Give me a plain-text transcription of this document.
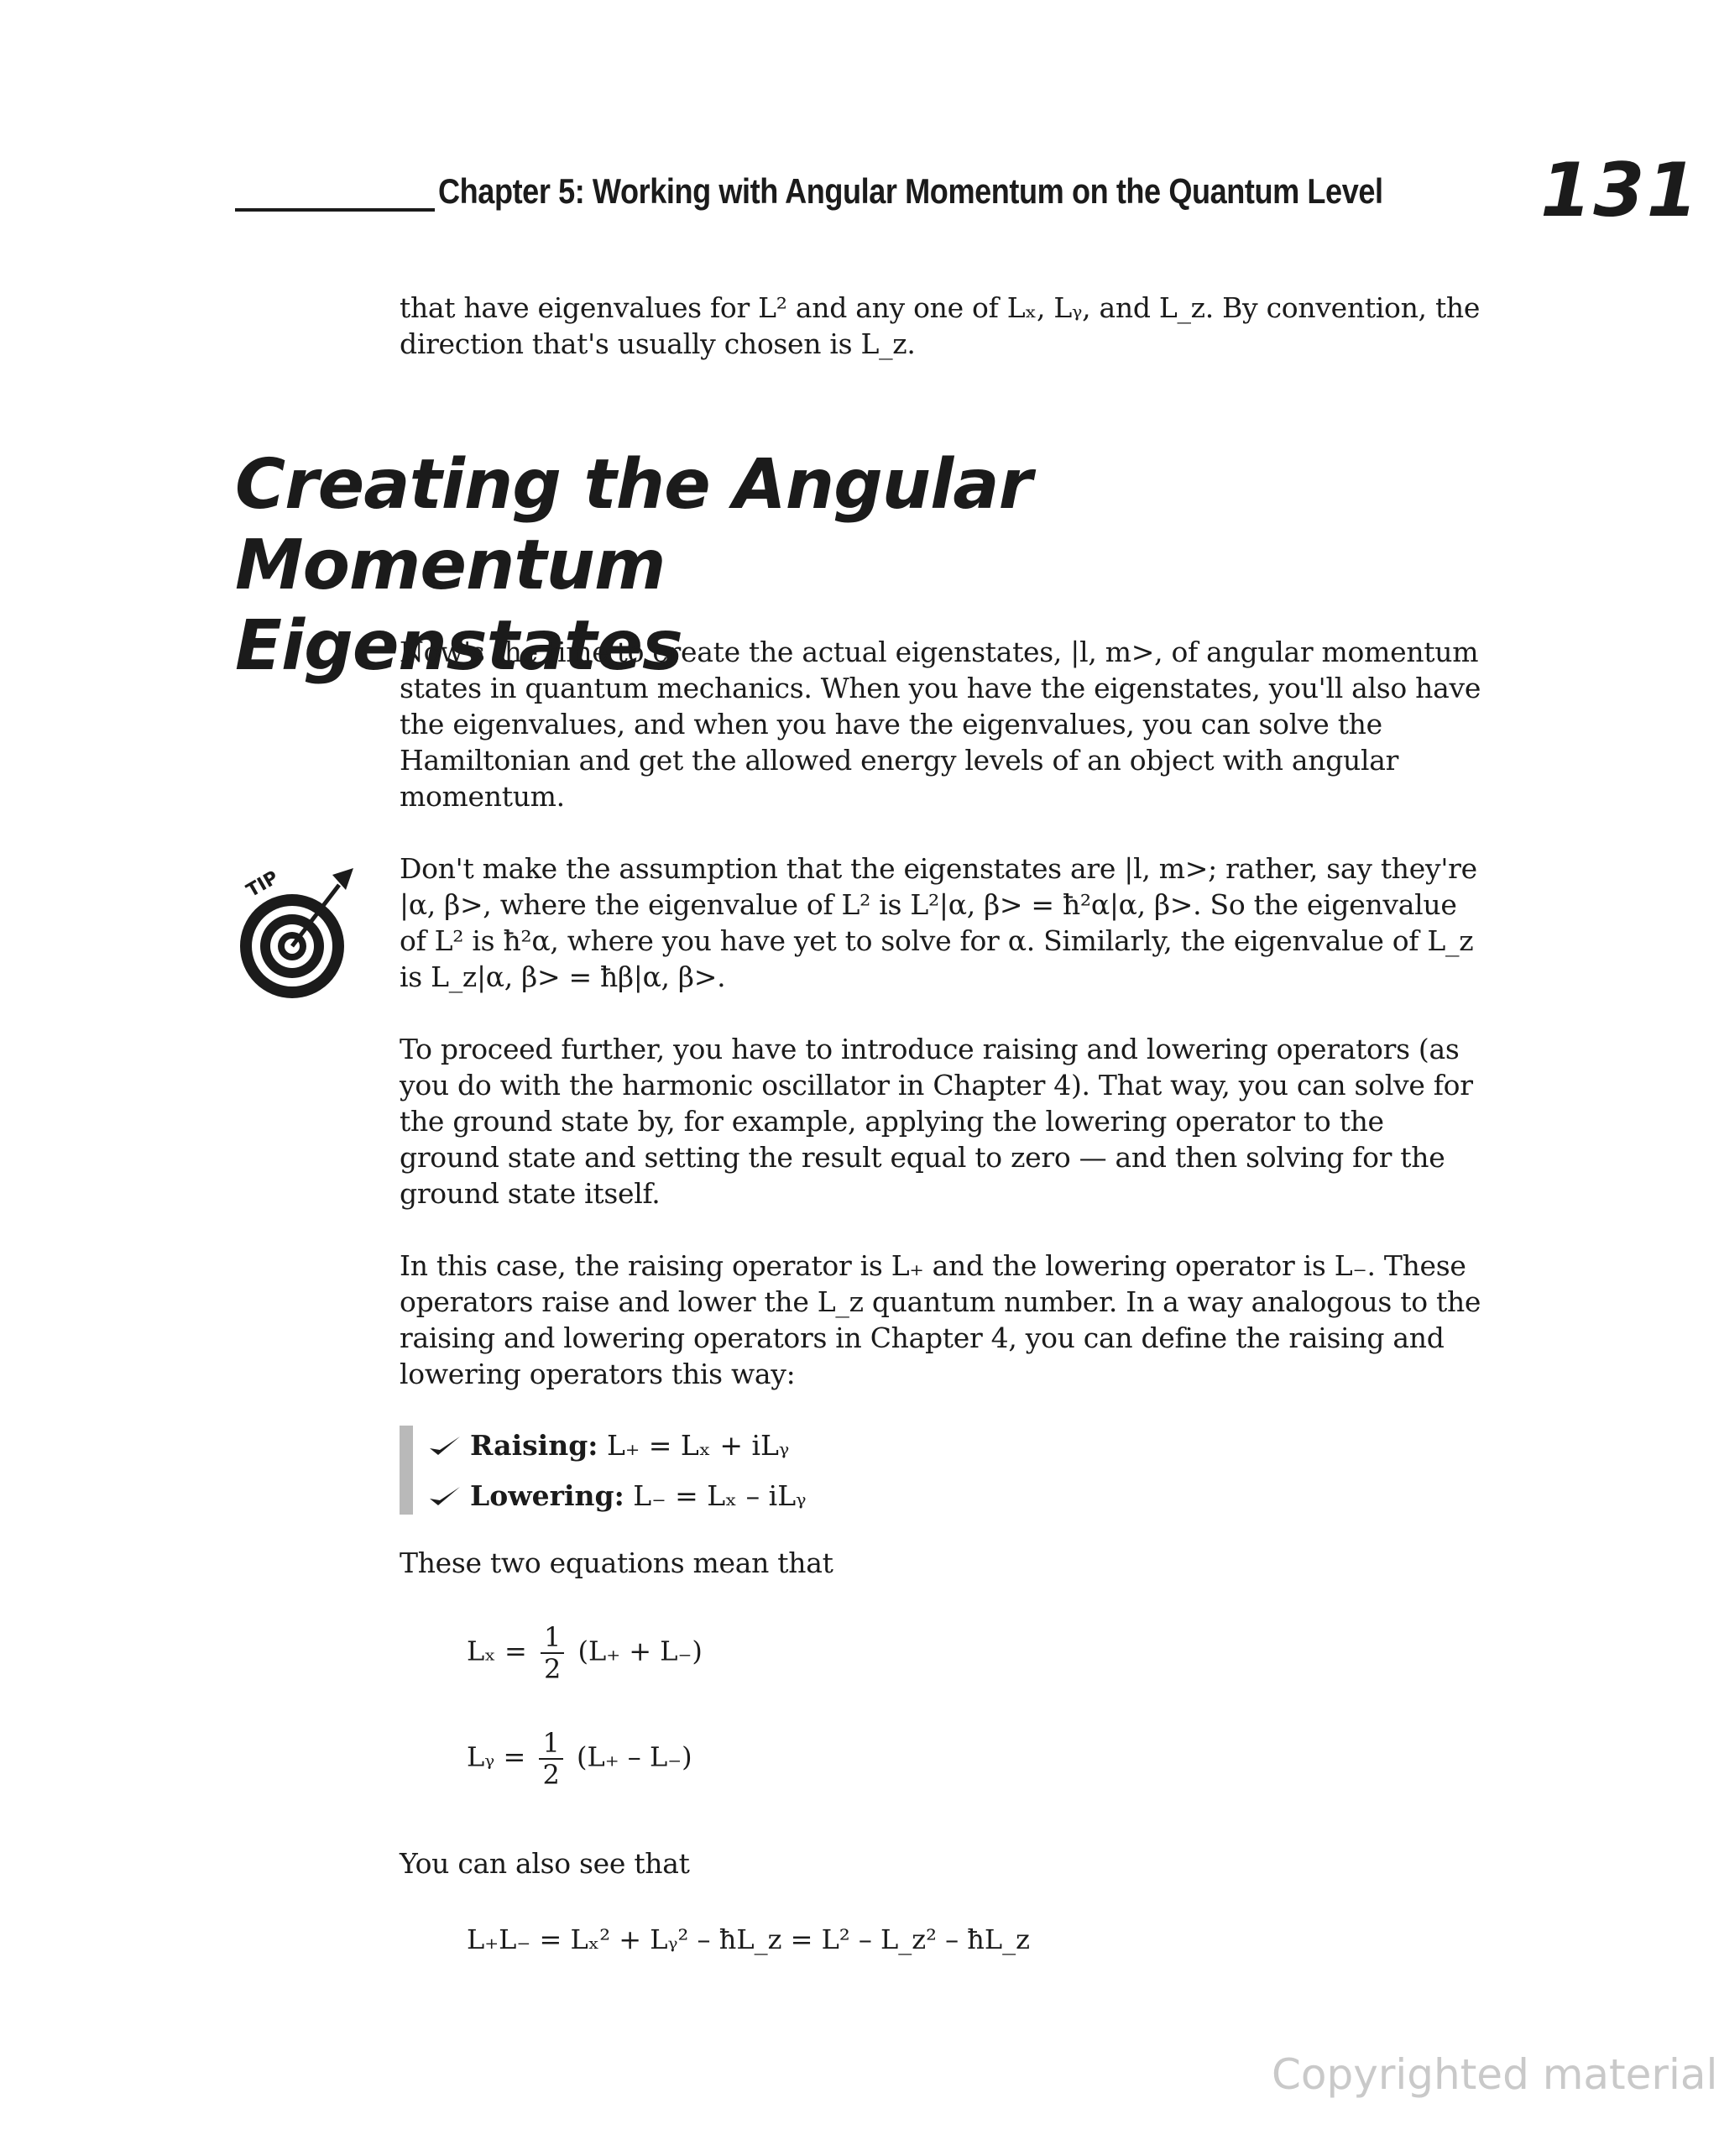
Chapter 5: Working with Angular Momentum on the Quantum Level 131
that have eigenvalues for L² and any one of Lₓ, Lᵧ, and L_z. By convention, the direction that's usually chosen is L_z.
Creating the Angular Momentum
Eigenstates
Now's the time to create the actual eigenstates, |l, m>, of angular momentum states in quantum mechanics. When you have the eigenstates, you'll also have the eigenvalues, and when you have the eigenvalues, you can solve the Hamiltonian and get the allowed energy levels of an object with angular momentum.
TIP	Don't make the assumption that the eigenstates are |l, m>; rather, say they're |α, β>, where the eigenvalue of L² is L²|α, β> = ħ²α|α, β>. So the eigenvalue of L² is ħ²α, where you have yet to solve for α. Similarly, the eigenvalue of L_z is L_z|α, β> = ħβ|α, β>.
To proceed further, you have to introduce raising and lowering operators (as you do with the harmonic oscillator in Chapter 4). That way, you can solve for the ground state by, for example, applying the lowering operator to the ground state and setting the result equal to zero — and then solving for the ground state itself.
In this case, the raising operator is L₊ and the lowering operator is L₋. These operators raise and lower the L_z quantum number. In a way analogous to the raising and lowering operators in Chapter 4, you can define the raising and lowering operators this way:
Raising: L₊ = Lₓ + iLᵧ
Lowering: L₋ = Lₓ – iLᵧ
These two equations mean that
$L_x = \frac{1}{2} (L_+ + L_-)$
Lᵧ = $\frac{1}{2} (L_+ - L_-)$
You can also see that
L₊L₋ = Lₓ² + Lᵧ² – ħL_z = L² – L_z² – ħL_z
Copyrighted material
